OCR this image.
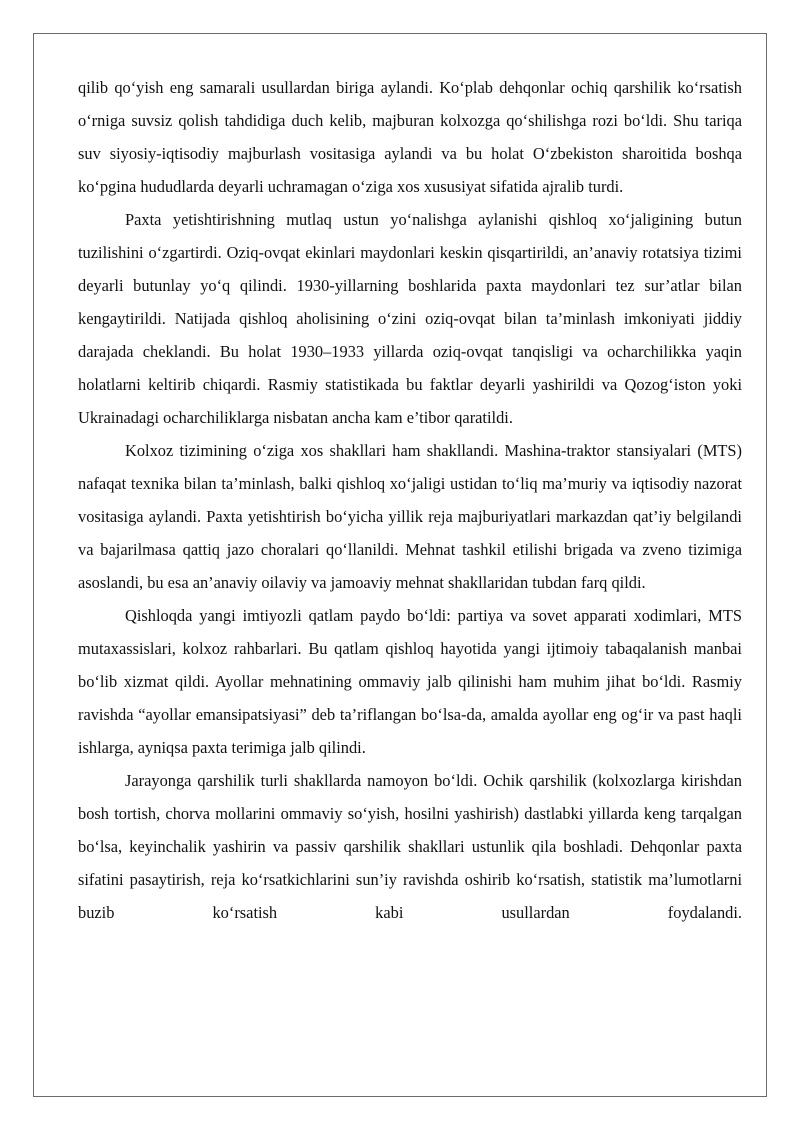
qilib qo‘yish eng samarali usullardan biriga aylandi. Ko‘plab dehqonlar ochiq qarshilik ko‘rsatish o‘rniga suvsiz qolish tahdidiga duch kelib, majburan kolxozga qo‘shilishga rozi bo‘ldi. Shu tariqa suv siyosiy-iqtisodiy majburlash vositasiga aylandi va bu holat O‘zbekiston sharoitida boshqa ko‘pgina hududlarda deyarli uchramagan o‘ziga xos xususiyat sifatida ajralib turdi.

Paxta yetishtirishning mutlaq ustun yo‘nalishga aylanishi qishloq xo‘jaligining butun tuzilishini o‘zgartirdi. Oziq-ovqat ekinlari maydonlari keskin qisqartirildi, an’anaviy rotatsiya tizimi deyarli butunlay yo‘q qilindi. 1930-yillarning boshlarida paxta maydonlari tez sur’atlar bilan kengaytirildi. Natijada qishloq aholisining o‘zini oziq-ovqat bilan ta’minlash imkoniyati jiddiy darajada cheklandi. Bu holat 1930–1933 yillarda oziq-ovqat tanqisligi va ocharchilikka yaqin holatlarni keltirib chiqardi. Rasmiy statistikada bu faktlar deyarli yashirildi va Qozog‘iston yoki Ukrainadagi ocharchiliklarga nisbatan ancha kam e’tibor qaratildi.

Kolxoz tizimining o‘ziga xos shakllari ham shakllandi. Mashina-traktor stansiyalari (MTS) nafaqat texnika bilan ta’minlash, balki qishloq xo‘jaligi ustidan to‘liq ma’muriy va iqtisodiy nazorat vositasiga aylandi. Paxta yetishtirish bo‘yicha yillik reja majburiyatlari markazdan qat’iy belgilandi va bajarilmasa qattiq jazo choralari qo‘llanildi. Mehnat tashkil etilishi brigada va zveno tizimiga asoslandi, bu esa an’anaviy oilaviy va jamoaviy mehnat shakllaridan tubdan farq qildi.

Qishloqda yangi imtiyozli qatlam paydo bo‘ldi: partiya va sovet apparati xodimlari, MTS mutaxassislari, kolxoz rahbarlari. Bu qatlam qishloq hayotida yangi ijtimoiy tabaqalanish manbai bo‘lib xizmat qildi. Ayollar mehnatining ommaviy jalb qilinishi ham muhim jihat bo‘ldi. Rasmiy ravishda “ayollar emansipatsiyasi” deb ta’riflangan bo‘lsa-da, amalda ayollar eng og‘ir va past haqli ishlarga, ayniqsa paxta terimiga jalb qilindi.

Jarayonga qarshilik turli shakllarda namoyon bo‘ldi. Ochik qarshilik (kolxozlarga kirishdan bosh tortish, chorva mollarini ommaviy so‘yish, hosilni yashirish) dastlabki yillarda keng tarqalgan bo‘lsa, keyinchalik yashirin va passiv qarshilik shakllari ustunlik qila boshladi. Dehqonlar paxta sifatini pasaytirish, reja ko‘rsatkichlarini sun’iy ravishda oshirib ko‘rsatish, statistik ma’lumotlarni buzib ko‘rsatish kabi usullardan foydalandi.
